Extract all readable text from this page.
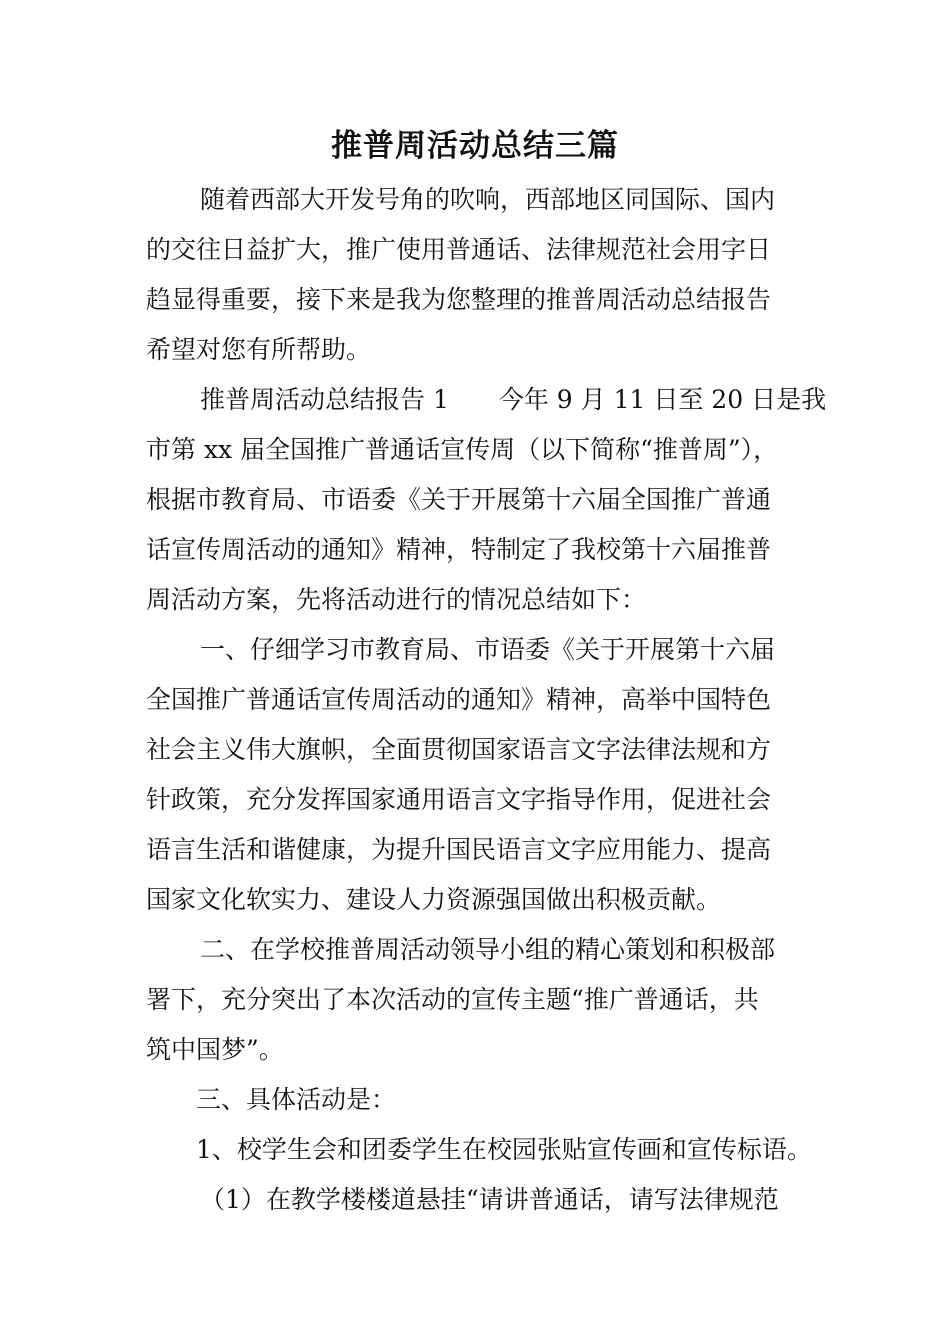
推普周活动总结三篇
随着西部大开发号角的吹响，西部地区同国际、国内
的交往日益扩大，推广使用普通话、法律规范社会用字日
趋显得重要，接下来是我为您整理的推普周活动总结报告
希望对您有所帮助。
推普周活动总结报告 1 今年 9 月 11 日至 20 日是我
市第 xx 届全国推广普通话宣传周（以下简称“推普周”），
根据市教育局、市语委《关于开展第十六届全国推广普通
话宣传周活动的通知》精神，特制定了我校第十六届推普
周活动方案，先将活动进行的情况总结如下：
一、仔细学习市教育局、市语委《关于开展第十六届
全国推广普通话宣传周活动的通知》精神，高举中国特色
社会主义伟大旗帜，全面贯彻国家语言文字法律法规和方
针政策，充分发挥国家通用语言文字指导作用，促进社会
语言生活和谐健康，为提升国民语言文字应用能力、提高
国家文化软实力、建设人力资源强国做出积极贡献。
二、在学校推普周活动领导小组的精心策划和积极部
署下，充分突出了本次活动的宣传主题“推广普通话，共
筑中国梦”。
三、具体活动是：
1、校学生会和团委学生在校园张贴宣传画和宣传标语。
（1）在教学楼楼道悬挂“请讲普通话，请写法律规范
